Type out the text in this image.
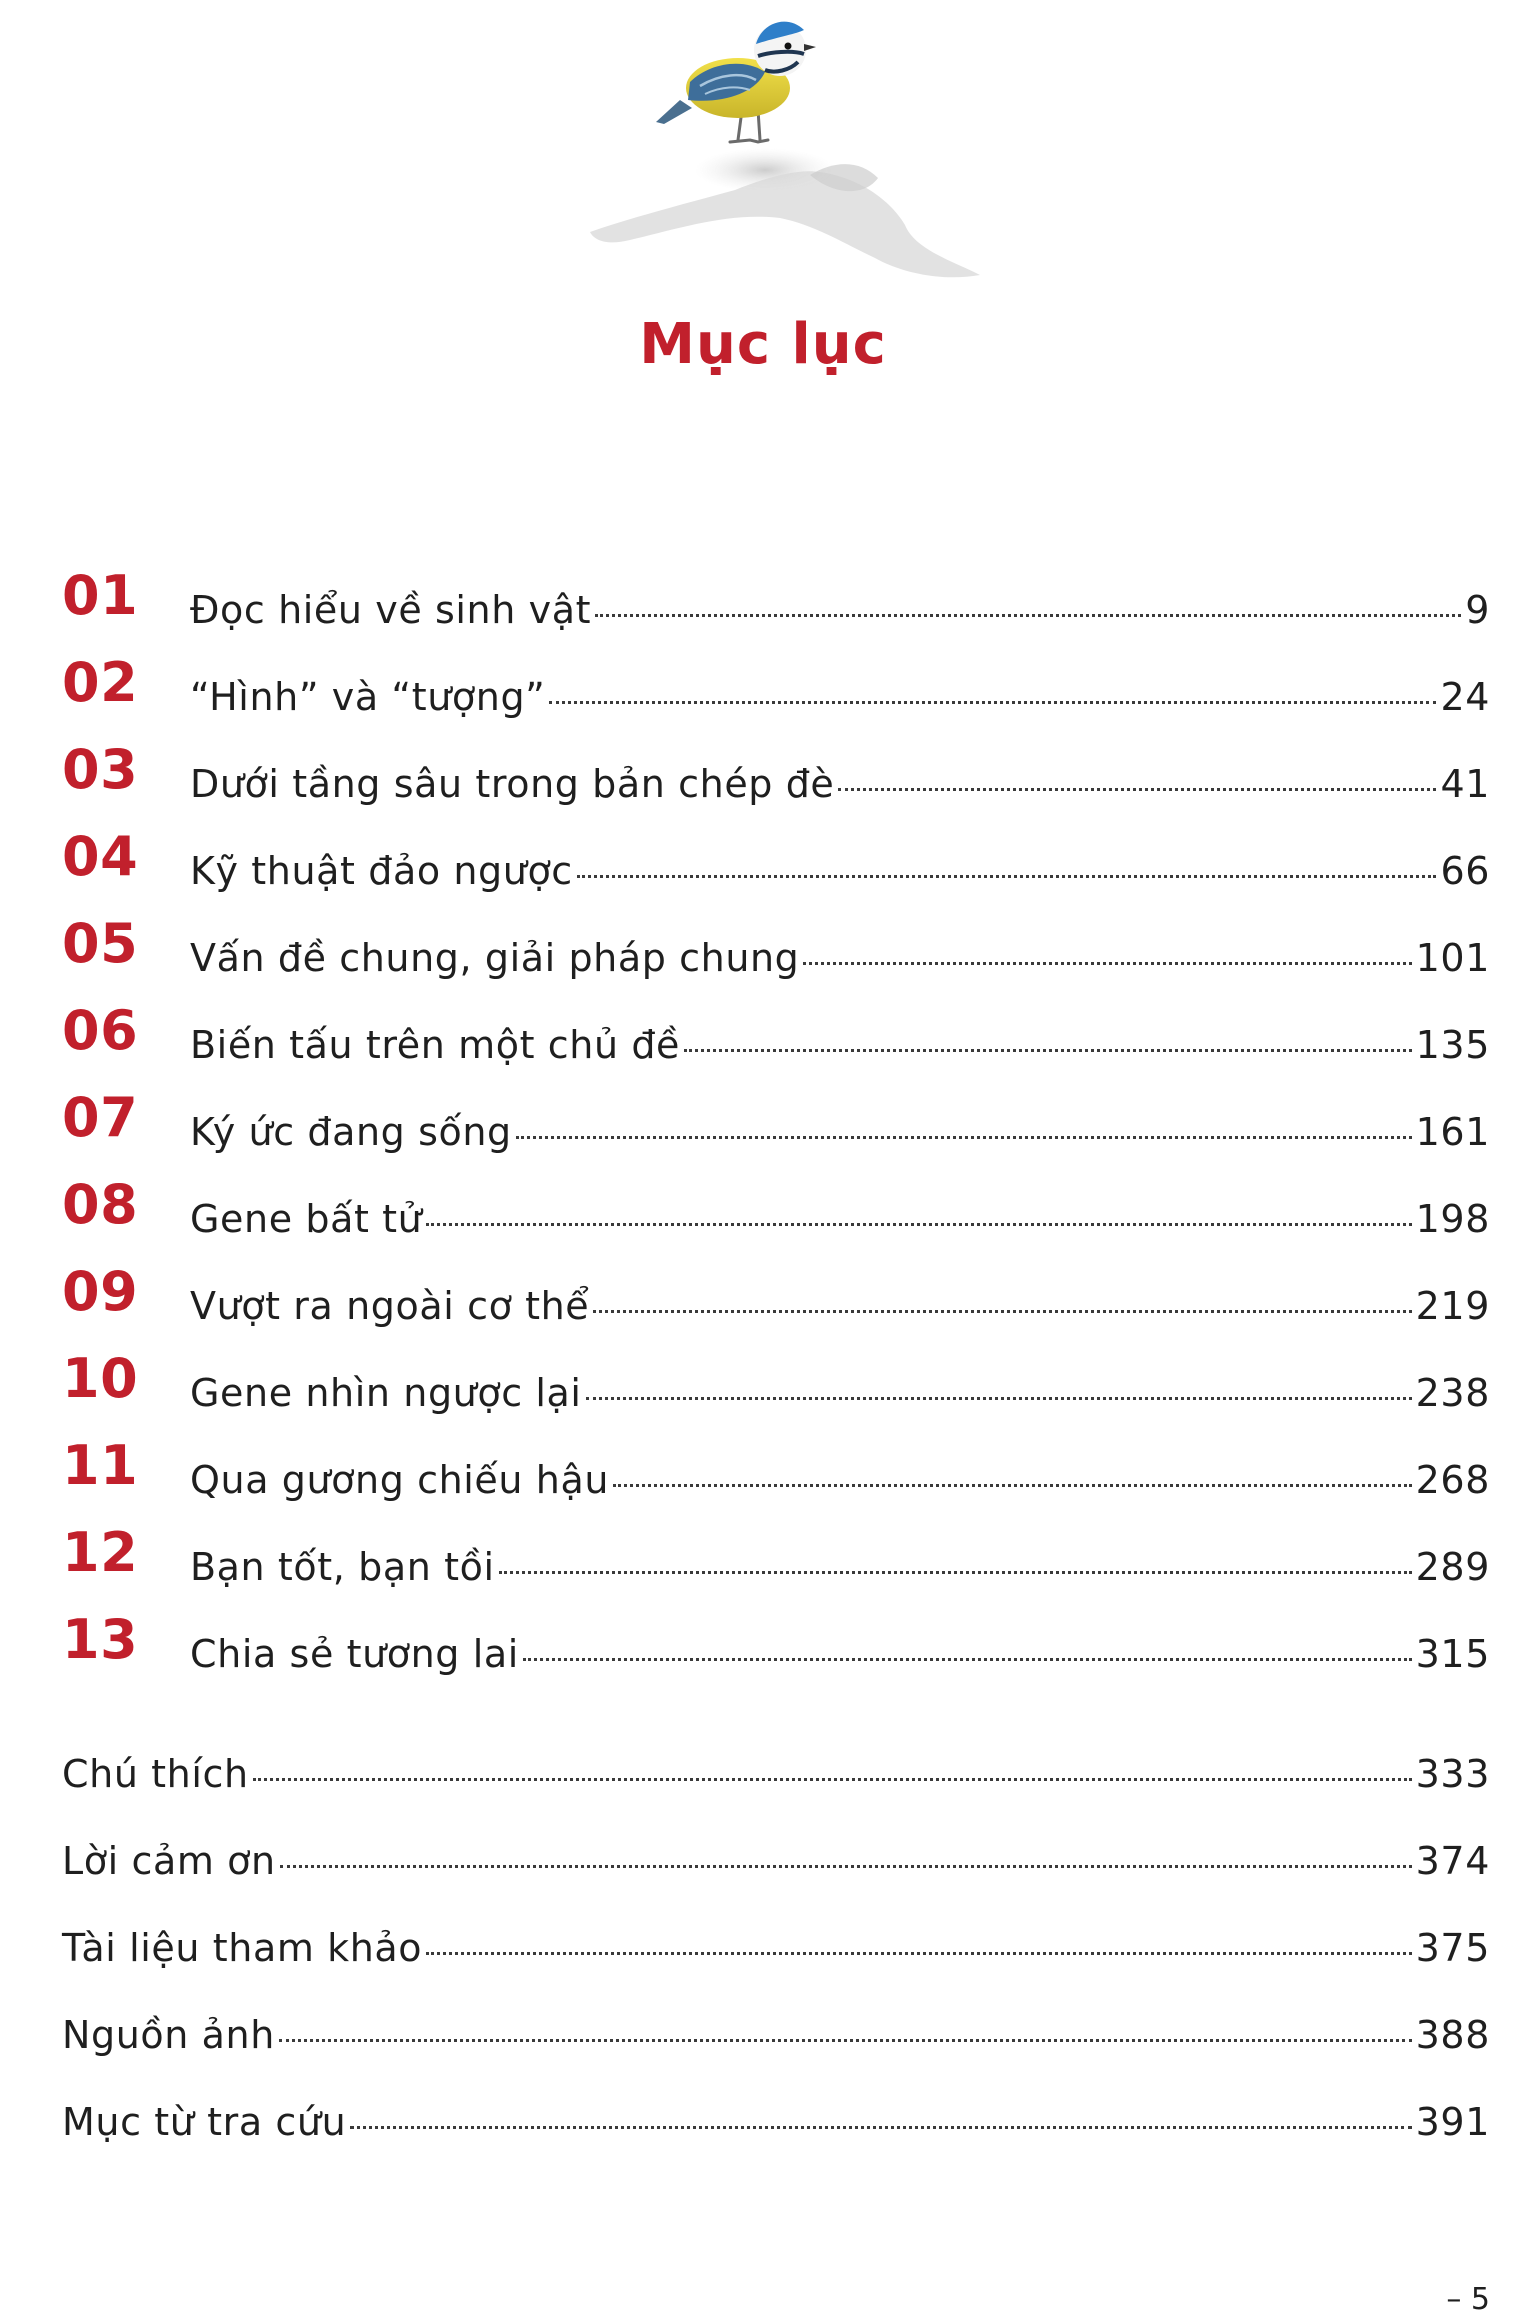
Mục lục
01	Đọc hiểu về sinh vật	9
02	“Hình” và “tượng”	24
03	Dưới tầng sâu trong bản chép đè	41
04	Kỹ thuật đảo ngược	66
05	Vấn đề chung, giải pháp chung	101
06	Biến tấu trên một chủ đề	135
07	Ký ức đang sống	161
08	Gene bất tử	198
09	Vượt ra ngoài cơ thể	219
10	Gene nhìn ngược lại	238
11	Qua gương chiếu hậu	268
12	Bạn tốt, bạn tồi	289
13	Chia sẻ tương lai	315
Chú thích	333
Lời cảm ơn	374
Tài liệu tham khảo	375
Nguồn ảnh	388
Mục từ tra cứu	391
– 5
